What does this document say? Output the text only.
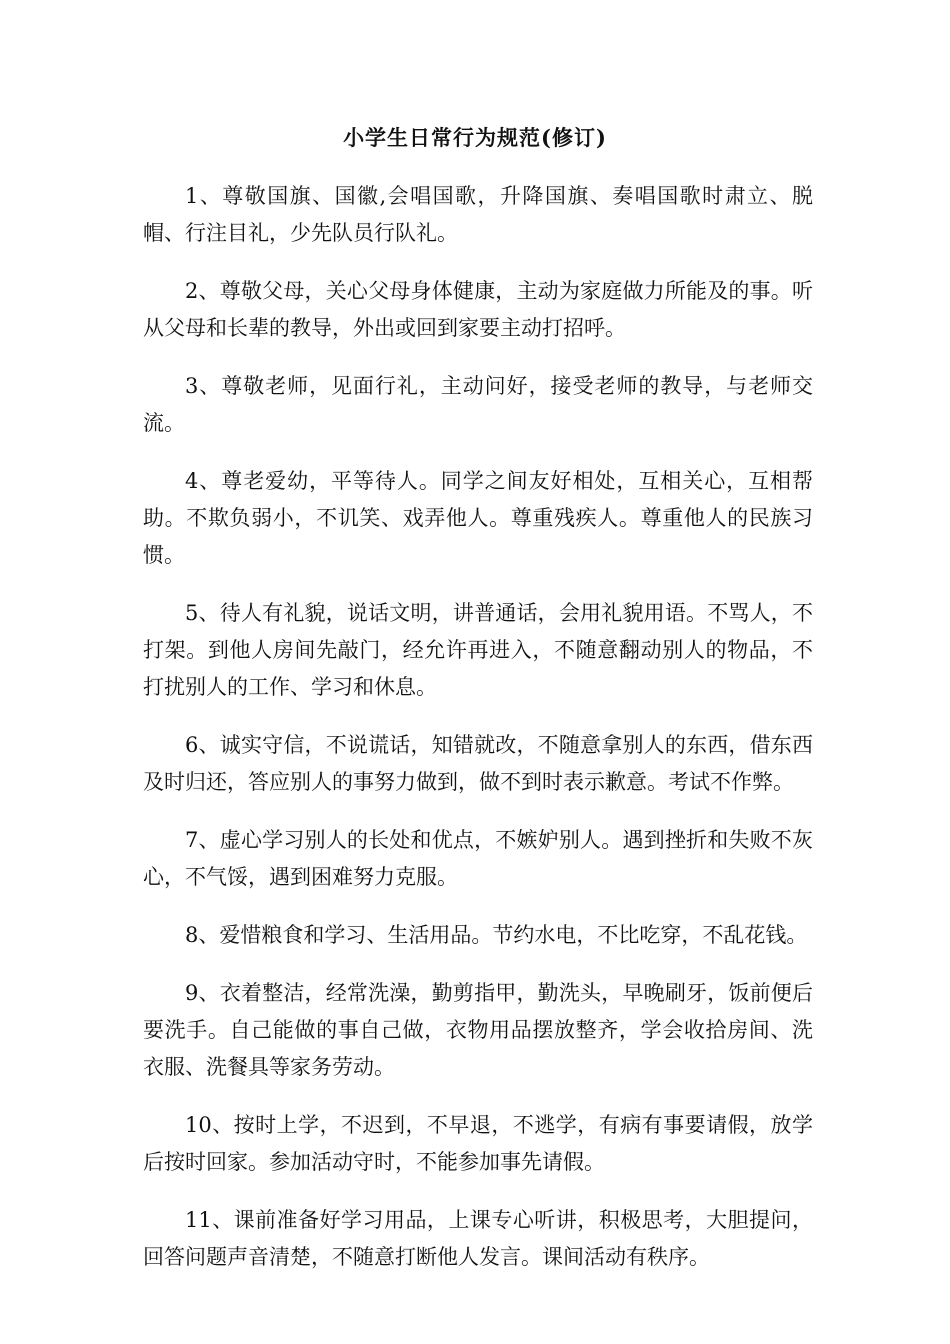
小学生日常行为规范(修订)

1、尊敬国旗、国徽,会唱国歌，升降国旗、奏唱国歌时肃立、脱帽、行注目礼，少先队员行队礼。

2、尊敬父母，关心父母身体健康，主动为家庭做力所能及的事。听从父母和长辈的教导，外出或回到家要主动打招呼。

3、尊敬老师，见面行礼，主动问好，接受老师的教导，与老师交流。

4、尊老爱幼，平等待人。同学之间友好相处，互相关心，互相帮助。不欺负弱小，不讥笑、戏弄他人。尊重残疾人。尊重他人的民族习惯。

5、待人有礼貌，说话文明，讲普通话，会用礼貌用语。不骂人，不打架。到他人房间先敲门，经允许再进入，不随意翻动别人的物品，不打扰别人的工作、学习和休息。

6、诚实守信，不说谎话，知错就改，不随意拿别人的东西，借东西及时归还，答应别人的事努力做到，做不到时表示歉意。考试不作弊。

7、虚心学习别人的长处和优点，不嫉妒别人。遇到挫折和失败不灰心，不气馁，遇到困难努力克服。

8、爱惜粮食和学习、生活用品。节约水电，不比吃穿，不乱花钱。

9、衣着整洁，经常洗澡，勤剪指甲，勤洗头，早晚刷牙，饭前便后要洗手。自己能做的事自己做，衣物用品摆放整齐，学会收拾房间、洗衣服、洗餐具等家务劳动。

10、按时上学，不迟到，不早退，不逃学，有病有事要请假，放学后按时回家。参加活动守时，不能参加事先请假。

11、课前准备好学习用品，上课专心听讲，积极思考，大胆提问，回答问题声音清楚，不随意打断他人发言。课间活动有秩序。
